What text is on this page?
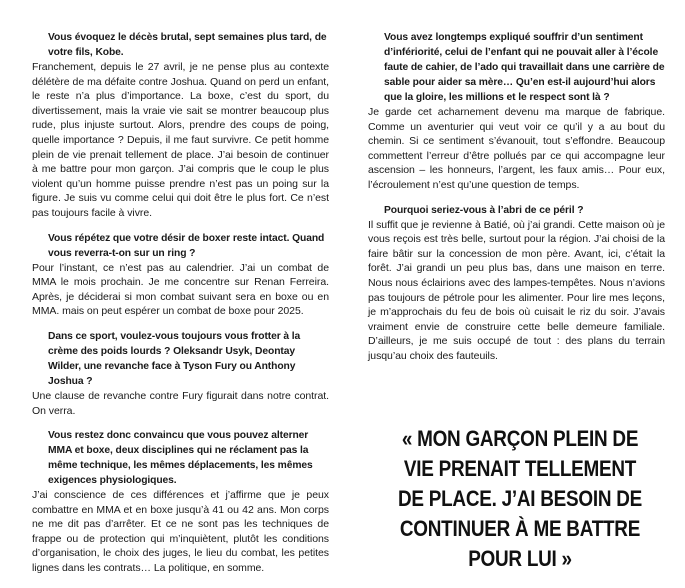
Vous évoquez le décès brutal, sept semaines plus tard, de votre fils, Kobe.

Franchement, depuis le 27 avril, je ne pense plus au contexte délétère de ma défaite contre Joshua. Quand on perd un enfant, le reste n’a plus d’importance. La boxe, c’est du sport, du divertissement, mais la vraie vie sait se montrer beaucoup plus rude, plus injuste surtout. Alors, prendre des coups de poing, quelle importance ? Depuis, il me faut survivre. Ce petit homme plein de vie prenait tellement de place. J’ai besoin de continuer à me battre pour mon garçon. J’ai compris que le coup le plus violent qu’un homme puisse prendre n’est pas un poing sur la figure. Je suis vu comme celui qui doit être le plus fort. Ce n’est pas toujours facile à vivre.

Vous répétez que votre désir de boxer reste intact. Quand vous reverra-t-on sur un ring ?

Pour l’instant, ce n’est pas au calendrier. J’ai un combat de MMA le mois prochain. Je me concentre sur Renan Ferreira. Après, je déciderai si mon combat suivant sera en boxe ou en MMA. mais on peut espérer un combat de boxe pour 2025.

Dans ce sport, voulez-vous toujours vous frotter à la crème des poids lourds ? Oleksandr Usyk, Deontay Wilder, une revanche face à Tyson Fury ou Anthony Joshua ?

Une clause de revanche contre Fury figurait dans notre contrat. On verra.

Vous restez donc convaincu que vous pouvez alterner MMA et boxe, deux disciplines qui ne réclament pas la même technique, les mêmes déplacements, les mêmes exigences physiologiques.

J’ai conscience de ces différences et j’affirme que je peux combattre en MMA et en boxe jusqu’à 41 ou 42 ans. Mon corps ne me dit pas d’arrêter. Et ce ne sont pas les techniques de frappe ou de protection qui m’inquiètent, plutôt les conditions d’organisation, le choix des juges, le lieu du combat, les petites lignes dans les contrats… La politique, en somme.

Vous avez longtemps expliqué souffrir d’un sentiment d’infériorité, celui de l’enfant qui ne pouvait aller à l’école faute de cahier, de l’ado qui travaillait dans une carrière de sable pour aider sa mère… Qu’en est-il aujourd’hui alors que la gloire, les millions et le respect sont là ?

Je garde cet acharnement devenu ma marque de fabrique. Comme un aventurier qui veut voir ce qu’il y a au bout du chemin. Si ce sentiment s’évanouit, tout s’effondre. Beaucoup commettent l’erreur d’être pollués par ce qui accompagne leur ascension – les honneurs, l’argent, les faux amis… Pour eux, l’écroulement n’est qu’une question de temps.

Pourquoi seriez-vous à l’abri de ce péril ?

Il suffit que je revienne à Batié, où j’ai grandi. Cette maison où je vous reçois est très belle, surtout pour la région. J’ai choisi de la faire bâtir sur la concession de mon père. Avant, ici, c’était la forêt. J’ai grandi un peu plus bas, dans une maison en terre. Nous nous éclairions avec des lampes-tempêtes. Nous n’avions pas toujours de pétrole pour les alimenter. Pour lire mes leçons, je m’approchais du feu de bois où cuisait le riz du soir. J’avais vraiment envie de construire cette belle demeure familiale. D’ailleurs, je me suis occupé de tout : des plans du terrain jusqu’au choix des fauteuils.

« MON GARÇON PLEIN DE VIE PRENAIT TELLEMENT DE PLACE. J’AI BESOIN DE CONTINUER À ME BATTRE POUR LUI »
